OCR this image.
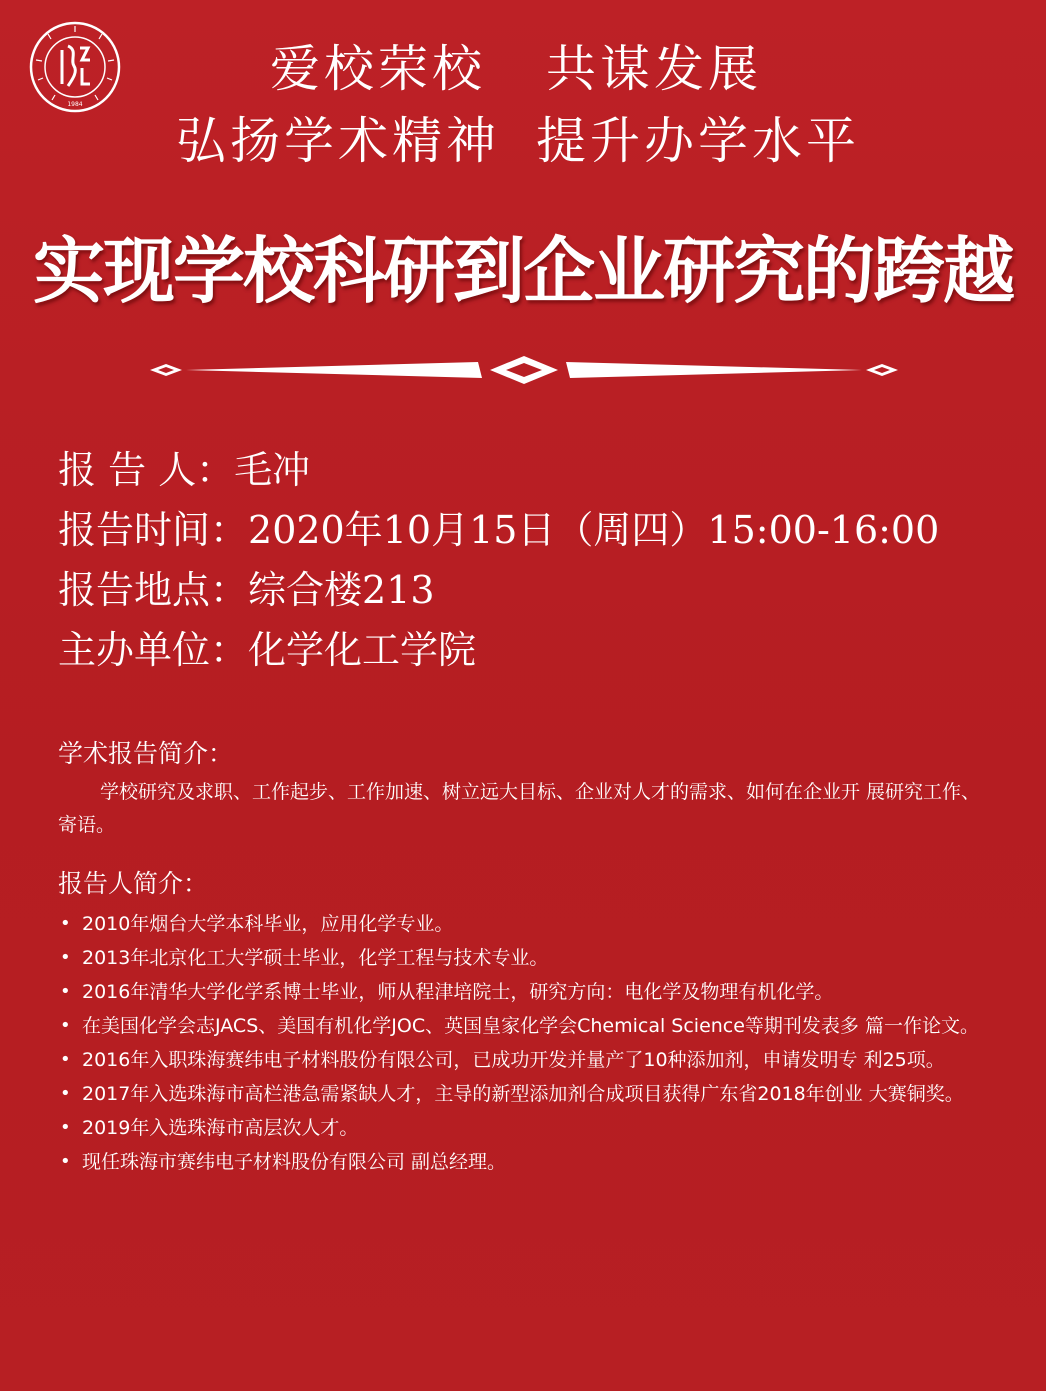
1984
爱校荣校 共谋发展
弘扬学术精神 提升办学水平
实现学校科研到企业研究的跨越
报 告 人：毛冲
报告时间：2020年10月15日（周四）15:00-16:00
报告地点：综合楼213
主办单位：化学化工学院
学术报告简介：
学校研究及求职、工作起步、工作加速、树立远大目标、企业对人才的需求、如何在企业开 展研究工作、寄语。
报告人简介：
• 2010年烟台大学本科毕业，应用化学专业。
• 2013年北京化工大学硕士毕业，化学工程与技术专业。
• 2016年清华大学化学系博士毕业，师从程津培院士，研究方向：电化学及物理有机化学。
• 在美国化学会志JACS、美国有机化学JOC、英国皇家化学会Chemical Science等期刊发表多 篇一作论文。
• 2016年入职珠海赛纬电子材料股份有限公司，已成功开发并量产了10种添加剂，申请发明专 利25项。
• 2017年入选珠海市高栏港急需紧缺人才，主导的新型添加剂合成项目获得广东省2018年创业 大赛铜奖。
• 2019年入选珠海市高层次人才。
• 现任珠海市赛纬电子材料股份有限公司 副总经理。
